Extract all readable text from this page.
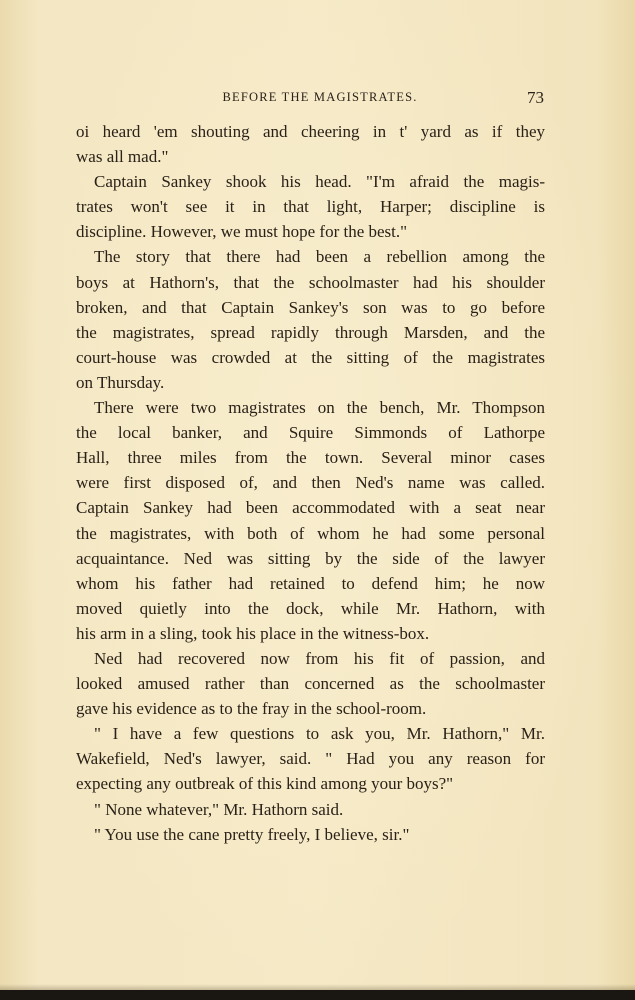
BEFORE THE MAGISTRATES.	73
oi heard 'em shouting and cheering in t' yard as if they
was all mad."
Captain Sankey shook his head. "I'm afraid the magis-
trates won't see it in that light, Harper; discipline is
discipline. However, we must hope for the best."
The story that there had been a rebellion among the
boys at Hathorn's, that the schoolmaster had his shoulder
broken, and that Captain Sankey's son was to go before
the magistrates, spread rapidly through Marsden, and the
court-house was crowded at the sitting of the magistrates
on Thursday.
There were two magistrates on the bench, Mr. Thompson
the local banker, and Squire Simmonds of Lathorpe
Hall, three miles from the town. Several minor cases
were first disposed of, and then Ned's name was called.
Captain Sankey had been accommodated with a seat near
the magistrates, with both of whom he had some personal
acquaintance. Ned was sitting by the side of the lawyer
whom his father had retained to defend him; he now
moved quietly into the dock, while Mr. Hathorn, with
his arm in a sling, took his place in the witness-box.
Ned had recovered now from his fit of passion, and
looked amused rather than concerned as the schoolmaster
gave his evidence as to the fray in the school-room.
" I have a few questions to ask you, Mr. Hathorn," Mr.
Wakefield, Ned's lawyer, said. " Had you any reason for
expecting any outbreak of this kind among your boys?"
" None whatever," Mr. Hathorn said.
" You use the cane pretty freely, I believe, sir."
